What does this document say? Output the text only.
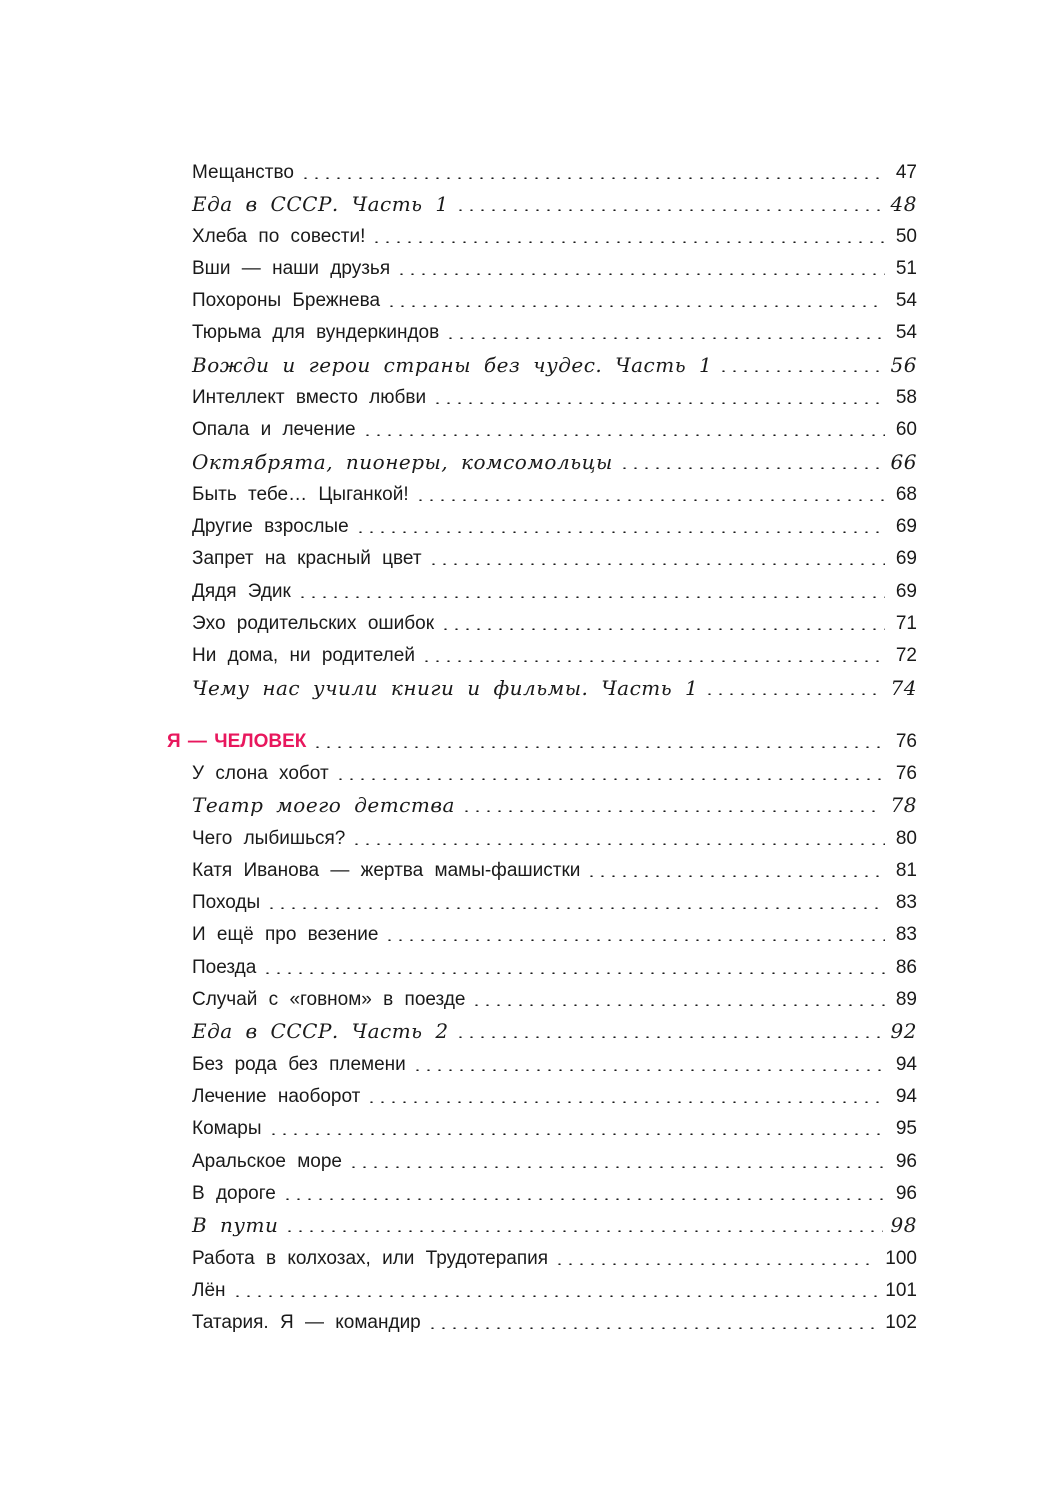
Мещанство	47
Еда в СССР. Часть 1	48
Хлеба по совести!	50
Вши — наши друзья	51
Похороны Брежнева	54
Тюрьма для вундеркиндов	54
Вожди и герои страны без чудес. Часть 1	56
Интеллект вместо любви	58
Опала и лечение	60
Октябрята, пионеры, комсомольцы	66
Быть тебе… Цыганкой!	68
Другие взрослые	69
Запрет на красный цвет	69
Дядя Эдик	69
Эхо родительских ошибок	71
Ни дома, ни родителей	72
Чему нас учили книги и фильмы. Часть 1	74
Я — ЧЕЛОВЕК	76
У слона хобот	76
Театр моего детства	78
Чего лыбишься?	80
Катя Иванова — жертва мамы-фашистки	81
Походы	83
И ещё про везение	83
Поезда	86
Случай с «говном» в поезде	89
Еда в СССР. Часть 2	92
Без рода без племени	94
Лечение наоборот	94
Комары	95
Аральское море	96
В дороге	96
В пути	98
Работа в колхозах, или Трудотерапия	100
Лён	101
Татария. Я — командир	102
